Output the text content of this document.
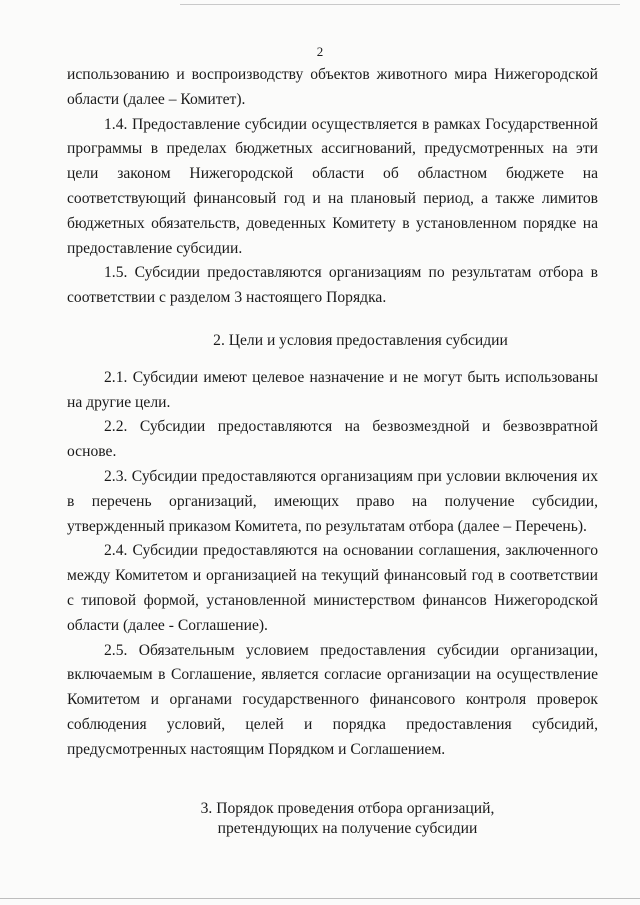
2

использованию и воспроизводству объектов животного мира Нижегородской области (далее – Комитет).

1.4. Предоставление субсидии осуществляется в рамках Государственной программы в пределах бюджетных ассигнований, предусмотренных на эти цели законом Нижегородской области об областном бюджете на соответствующий финансовый год и на плановый период, а также лимитов бюджетных обязательств, доведенных Комитету в установленном порядке на предоставление субсидии.

1.5. Субсидии предоставляются организациям по результатам отбора в соответствии с разделом 3 настоящего Порядка.

2. Цели и условия предоставления субсидии

2.1. Субсидии имеют целевое назначение и не могут быть использованы на другие цели.

2.2. Субсидии предоставляются на безвозмездной и безвозвратной основе.

2.3. Субсидии предоставляются организациям при условии включения их в перечень организаций, имеющих право на получение субсидии, утвержденный приказом Комитета, по результатам отбора (далее – Перечень).

2.4. Субсидии предоставляются на основании соглашения, заключенного между Комитетом и организацией на текущий финансовый год в соответствии с типовой формой, установленной министерством финансов Нижегородской области (далее - Соглашение).

2.5. Обязательным условием предоставления субсидии организации, включаемым в Соглашение, является согласие организации на осуществление Комитетом и органами государственного финансового контроля проверок соблюдения условий, целей и порядка предоставления субсидий, предусмотренных настоящим Порядком и Соглашением.

3. Порядок проведения отбора организаций,
претендующих на получение субсидии
